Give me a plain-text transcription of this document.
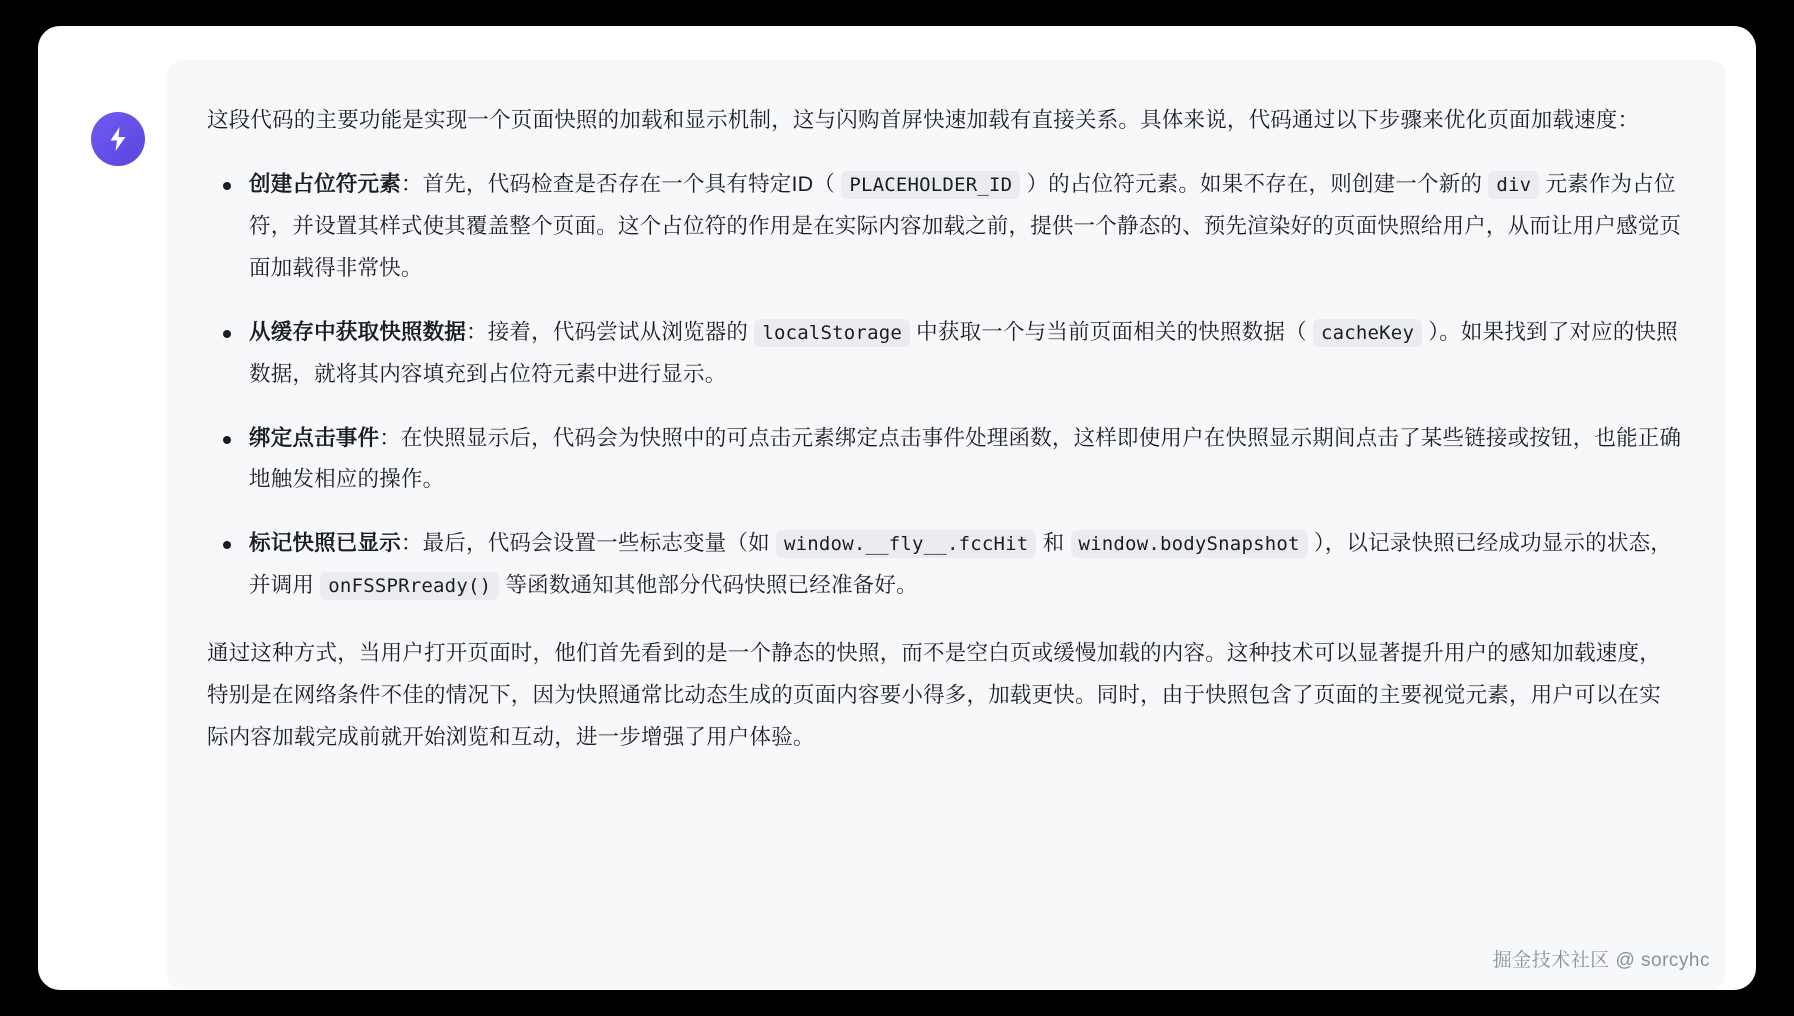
这段代码的主要功能是实现一个页面快照的加载和显示机制，这与闪购首屏快速加载有直接关系。具体来说，代码通过以下步骤来优化页面加载速度：

创建占位符元素：首先，代码检查是否存在一个具有特定ID（ PLACEHOLDER_ID ）的占位符元素。如果不存在，则创建一个新的 div 元素作为占位符，并设置其样式使其覆盖整个页面。这个占位符的作用是在实际内容加载之前，提供一个静态的、预先渲染好的页面快照给用户，从而让用户感觉页面加载得非常快。
从缓存中获取快照数据：接着，代码尝试从浏览器的 localStorage 中获取一个与当前页面相关的快照数据（ cacheKey ）。如果找到了对应的快照数据，就将其内容填充到占位符元素中进行显示。
绑定点击事件：在快照显示后，代码会为快照中的可点击元素绑定点击事件处理函数，这样即使用户在快照显示期间点击了某些链接或按钮，也能正确地触发相应的操作。
标记快照已显示：最后，代码会设置一些标志变量（如 window.__fly__.fccHit 和 window.bodySnapshot ），以记录快照已经成功显示的状态，并调用 onFSSPRready() 等函数通知其他部分代码快照已经准备好。

通过这种方式，当用户打开页面时，他们首先看到的是一个静态的快照，而不是空白页或缓慢加载的内容。这种技术可以显著提升用户的感知加载速度，特别是在网络条件不佳的情况下，因为快照通常比动态生成的页面内容要小得多，加载更快。同时，由于快照包含了页面的主要视觉元素，用户可以在实际内容加载完成前就开始浏览和互动，进一步增强了用户体验。

掘金技术社区 @ sorcyhc
